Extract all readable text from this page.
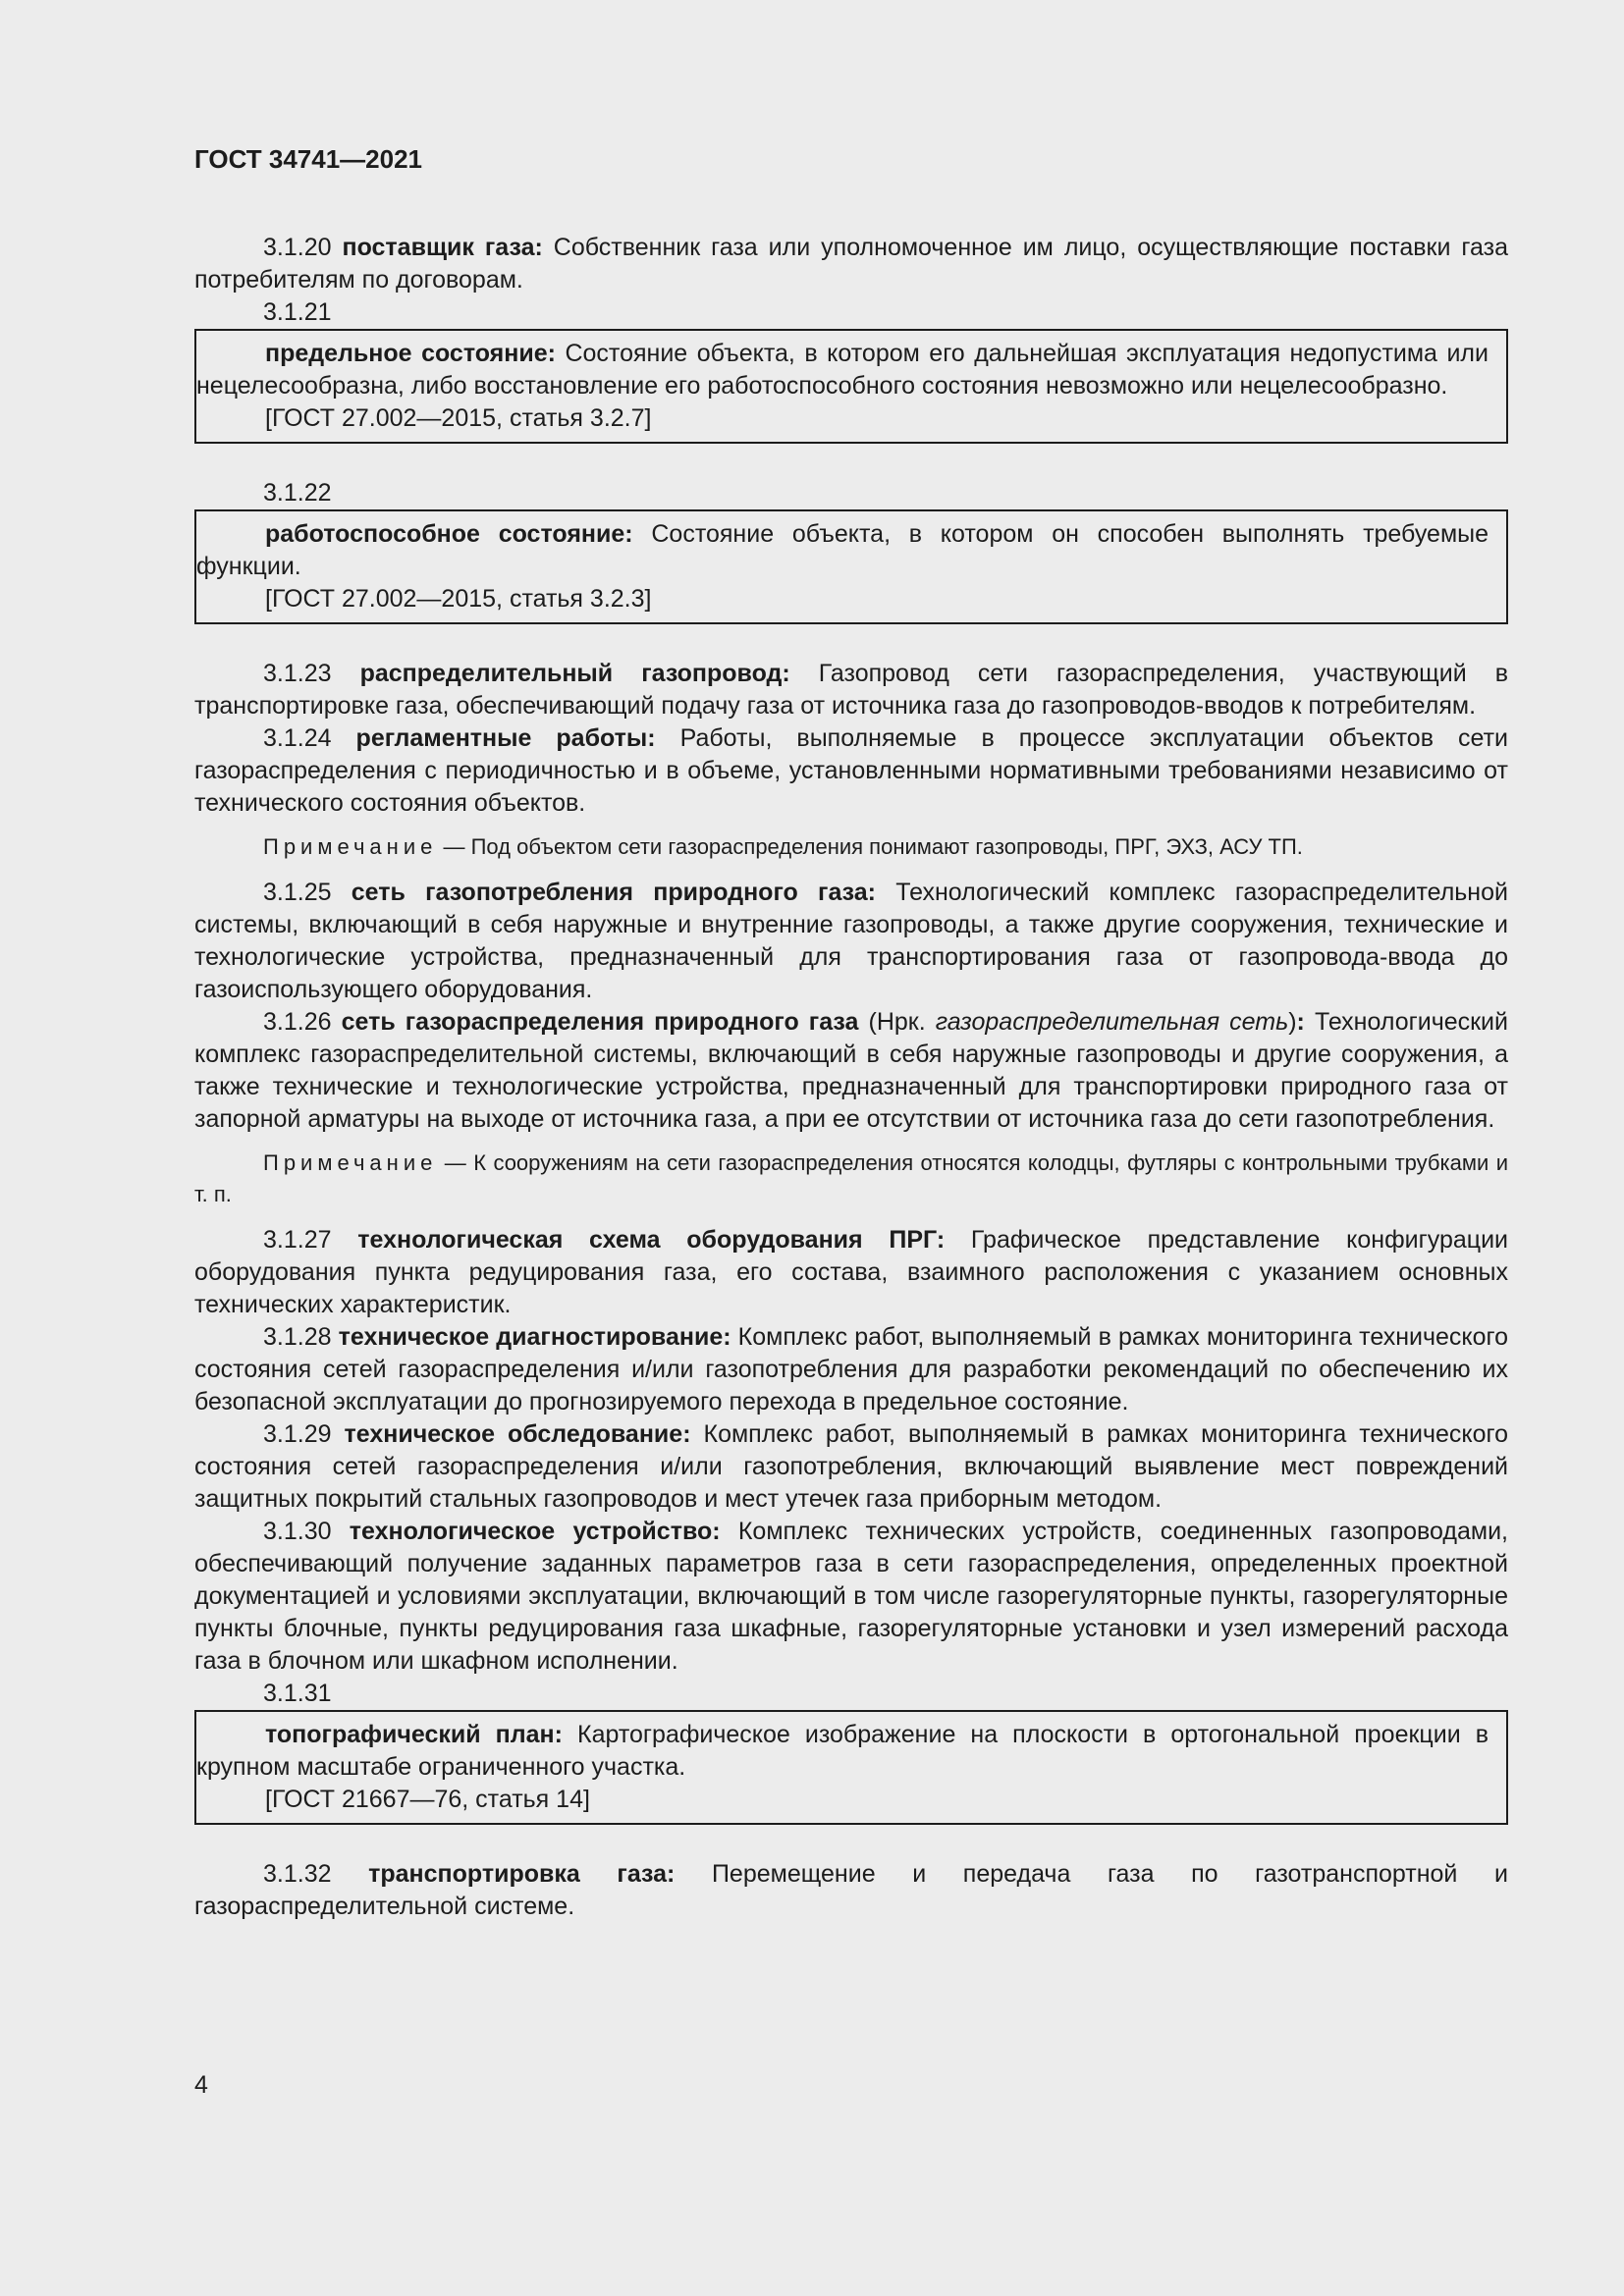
ГОСТ 34741—2021

3.1.20 поставщик газа: Собственник газа или уполномоченное им лицо, осуществляющие поставки газа потребителям по договорам.

3.1.21

предельное состояние: Состояние объекта, в котором его дальнейшая эксплуатация недопустима или нецелесообразна, либо восстановление его работоспособного состояния невозможно или нецелесообразно.

[ГОСТ 27.002—2015, статья 3.2.7]

3.1.22

работоспособное состояние: Состояние объекта, в котором он способен выполнять требуемые функции.

[ГОСТ 27.002—2015, статья 3.2.3]

3.1.23 распределительный газопровод: Газопровод сети газораспределения, участвующий в транспортировке газа, обеспечивающий подачу газа от источника газа до газопроводов-вводов к потребителям.

3.1.24 регламентные работы: Работы, выполняемые в процессе эксплуатации объектов сети газораспределения с периодичностью и в объеме, установленными нормативными требованиями независимо от технического состояния объектов.

Примечание — Под объектом сети газораспределения понимают газопроводы, ПРГ, ЭХЗ, АСУ ТП.

3.1.25 сеть газопотребления природного газа: Технологический комплекс газораспределительной системы, включающий в себя наружные и внутренние газопроводы, а также другие сооружения, технические и технологические устройства, предназначенный для транспортирования газа от газопровода-ввода до газоиспользующего оборудования.

3.1.26 сеть газораспределения природного газа (Нрк. газораспределительная сеть): Технологический комплекс газораспределительной системы, включающий в себя наружные газопроводы и другие сооружения, а также технические и технологические устройства, предназначенный для транспортировки природного газа от запорной арматуры на выходе от источника газа, а при ее отсутствии от источника газа до сети газопотребления.

Примечание — К сооружениям на сети газораспределения относятся колодцы, футляры с контрольными трубками и т. п.

3.1.27 технологическая схема оборудования ПРГ: Графическое представление конфигурации оборудования пункта редуцирования газа, его состава, взаимного расположения с указанием основных технических характеристик.

3.1.28 техническое диагностирование: Комплекс работ, выполняемый в рамках мониторинга технического состояния сетей газораспределения и/или газопотребления для разработки рекомендаций по обеспечению их безопасной эксплуатации до прогнозируемого перехода в предельное состояние.

3.1.29 техническое обследование: Комплекс работ, выполняемый в рамках мониторинга технического состояния сетей газораспределения и/или газопотребления, включающий выявление мест повреждений защитных покрытий стальных газопроводов и мест утечек газа приборным методом.

3.1.30 технологическое устройство: Комплекс технических устройств, соединенных газопроводами, обеспечивающий получение заданных параметров газа в сети газораспределения, определенных проектной документацией и условиями эксплуатации, включающий в том числе газорегуляторные пункты, газорегуляторные пункты блочные, пункты редуцирования газа шкафные, газорегуляторные установки и узел измерений расхода газа в блочном или шкафном исполнении.

3.1.31

топографический план: Картографическое изображение на плоскости в ортогональной проекции в крупном масштабе ограниченного участка.

[ГОСТ 21667—76, статья 14]

3.1.32 транспортировка газа: Перемещение и передача газа по газотранспортной и газораспределительной системе.

4
